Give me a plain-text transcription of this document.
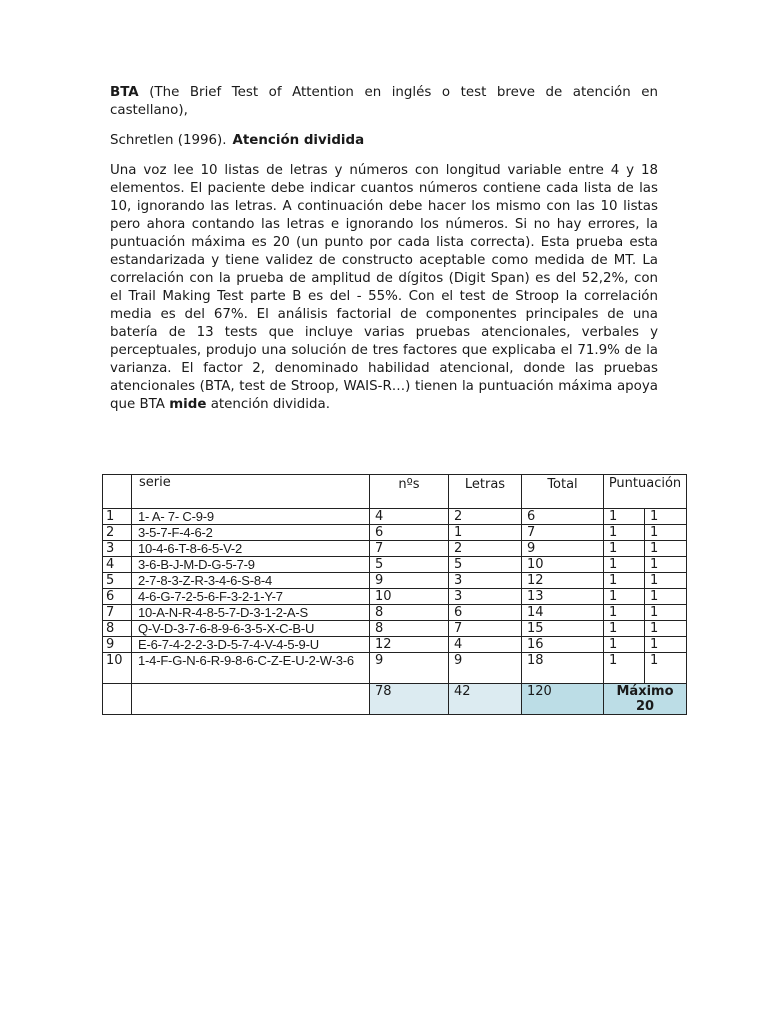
BTA (The Brief Test of Attention en inglés o test breve de atención en castellano),

Schretlen (1996). Atención dividida

Una voz lee 10 listas de letras y números con longitud variable entre 4 y 18 elementos. El paciente debe indicar cuantos números contiene cada lista de las 10, ignorando las letras. A continuación debe hacer los mismo con las 10 listas pero ahora contando las letras e ignorando los números. Si no hay errores, la puntuación máxima es 20 (un punto por cada lista correcta). Esta prueba esta estandarizada y tiene validez de constructo aceptable como medida de MT. La correlación con la prueba de amplitud de dígitos (Digit Span) es del 52,2%, con el Trail Making Test parte B es del - 55%. Con el test de Stroop la correlación media es del 67%. El análisis factorial de componentes principales de una batería de 13 tests que incluye varias pruebas atencionales, verbales y perceptuales, produjo una solución de tres factores que explicaba el 71.9% de la varianza. El factor 2, denominado habilidad atencional, donde las pruebas atencionales (BTA, test de Stroop, WAIS-R…) tienen la puntuación máxima apoya que BTA mide atención dividida.

	serie	nºs	Letras	Total	Puntuación	
1	1- A- 7- C-9-9	4	2	6	1	1
2	3-5-7-F-4-6-2	6	1	7	1	1
3	10-4-6-T-8-6-5-V-2	7	2	9	1	1
4	3-6-B-J-M-D-G-5-7-9	5	5	10	1	1
5	2-7-8-3-Z-R-3-4-6-S-8-4	9	3	12	1	1
6	4-6-G-7-2-5-6-F-3-2-1-Y-7	10	3	13	1	1
7	10-A-N-R-4-8-5-7-D-3-1-2-A-S	8	6	14	1	1
8	Q-V-D-3-7-6-8-9-6-3-5-X-C-B-U	8	7	15	1	1
9	E-6-7-4-2-2-3-D-5-7-4-V-4-5-9-U	12	4	16	1	1
10	1-4-F-G-N-6-R-9-8-6-C-Z-E-U-2-W-3-6	9	9	18	1	1
		78	42	120	Máximo 20	
